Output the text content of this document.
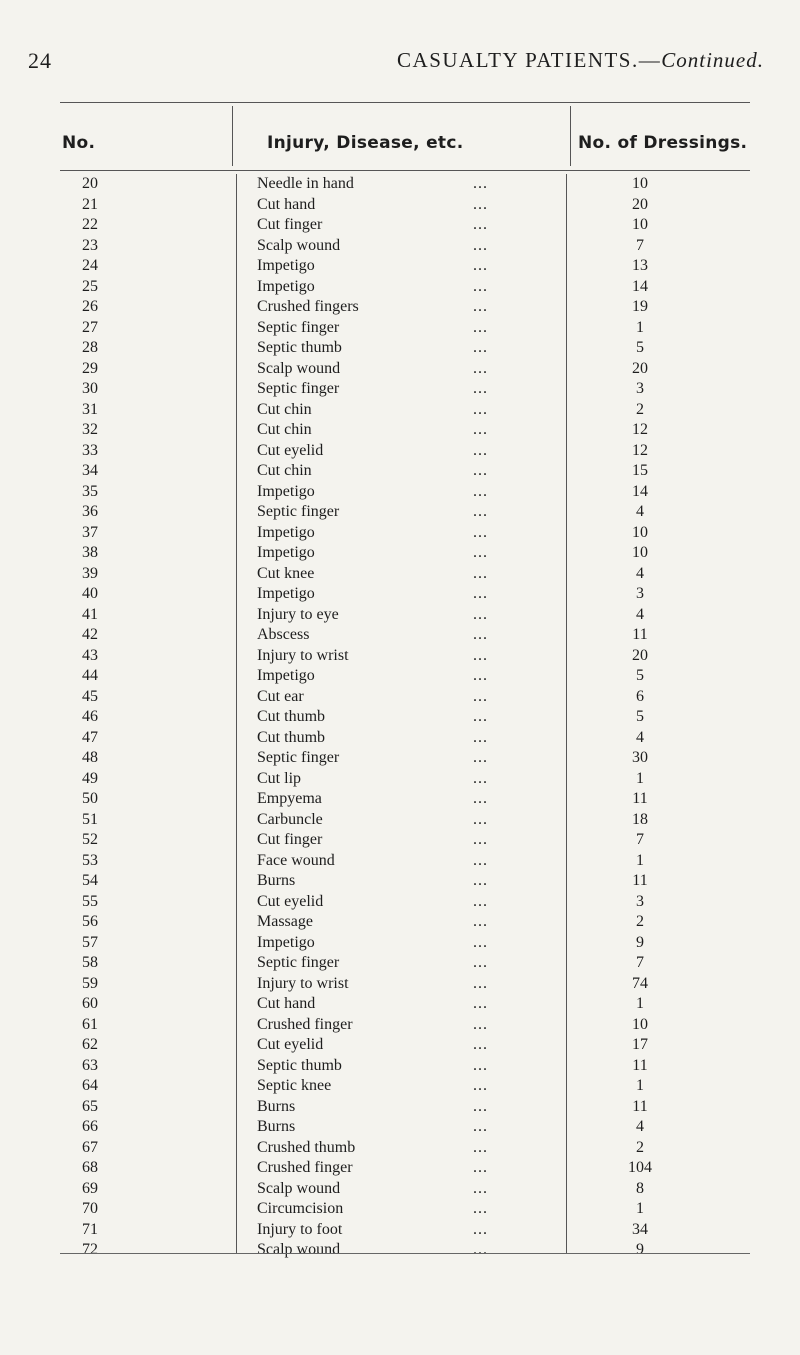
24	CASUALTY PATIENTS.—Continued.
No.	Injury, Disease, etc.	No. of Dressings.
20	Needle in hand	...	10
21	Cut hand	...	20
22	Cut finger	...	10
23	Scalp wound	...	7
24	Impetigo	...	13
25	Impetigo	...	14
26	Crushed fingers	...	19
27	Septic finger	...	1
28	Septic thumb	...	5
29	Scalp wound	...	20
30	Septic finger	...	3
31	Cut chin	...	2
32	Cut chin	...	12
33	Cut eyelid	...	12
34	Cut chin	...	15
35	Impetigo	...	14
36	Septic finger	...	4
37	Impetigo	...	10
38	Impetigo	...	10
39	Cut knee	...	4
40	Impetigo	...	3
41	Injury to eye	...	4
42	Abscess	...	11
43	Injury to wrist	...	20
44	Impetigo	...	5
45	Cut ear	...	6
46	Cut thumb	...	5
47	Cut thumb	...	4
48	Septic finger	...	30
49	Cut lip	...	1
50	Empyema	...	11
51	Carbuncle	...	18
52	Cut finger	...	7
53	Face wound	...	1
54	Burns	...	11
55	Cut eyelid	...	3
56	Massage	...	2
57	Impetigo	...	9
58	Septic finger	...	7
59	Injury to wrist	...	74
60	Cut hand	...	1
61	Crushed finger	...	10
62	Cut eyelid	...	17
63	Septic thumb	...	11
64	Septic knee	...	1
65	Burns	...	11
66	Burns	...	4
67	Crushed thumb	...	2
68	Crushed finger	...	104
69	Scalp wound	...	8
70	Circumcision	...	1
71	Injury to foot	...	34
72	Scalp wound	...	9
